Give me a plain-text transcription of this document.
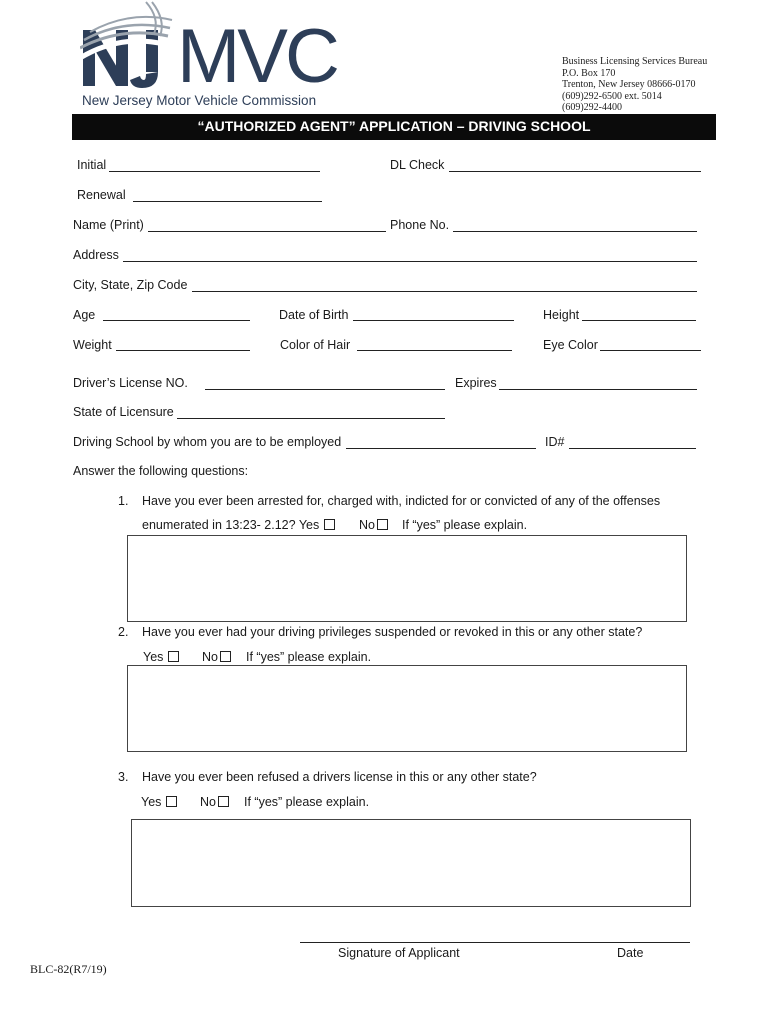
MVC
New Jersey Motor Vehicle Commission
Business Licensing Services Bureau
P.O. Box 170
Trenton, New Jersey 08666-0170
(609)292-6500 ext. 5014
(609)292-4400
“AUTHORIZED AGENT” APPLICATION – DRIVING SCHOOL
Initial	DL Check
Renewal
Name (Print)	Phone No.
Address
City, State, Zip Code
Age	Date of Birth	Height
Weight	Color of Hair	Eye Color
Driver’s License NO.	Expires
State of Licensure
Driving School by whom you are to be employed	ID#
Answer the following questions:
1. Have you ever been arrested for, charged with, indicted for or convicted of any of the offenses
enumerated in 13:23- 2.12? Yes	No If “yes” please explain.
2. Have you ever had your driving privileges suspended or revoked in this or any other state?
Yes	No If “yes” please explain.
3. Have you ever been refused a drivers license in this or any other state?
Yes	No If “yes” please explain.
Signature of Applicant	Date
BLC-82(R7/19)
